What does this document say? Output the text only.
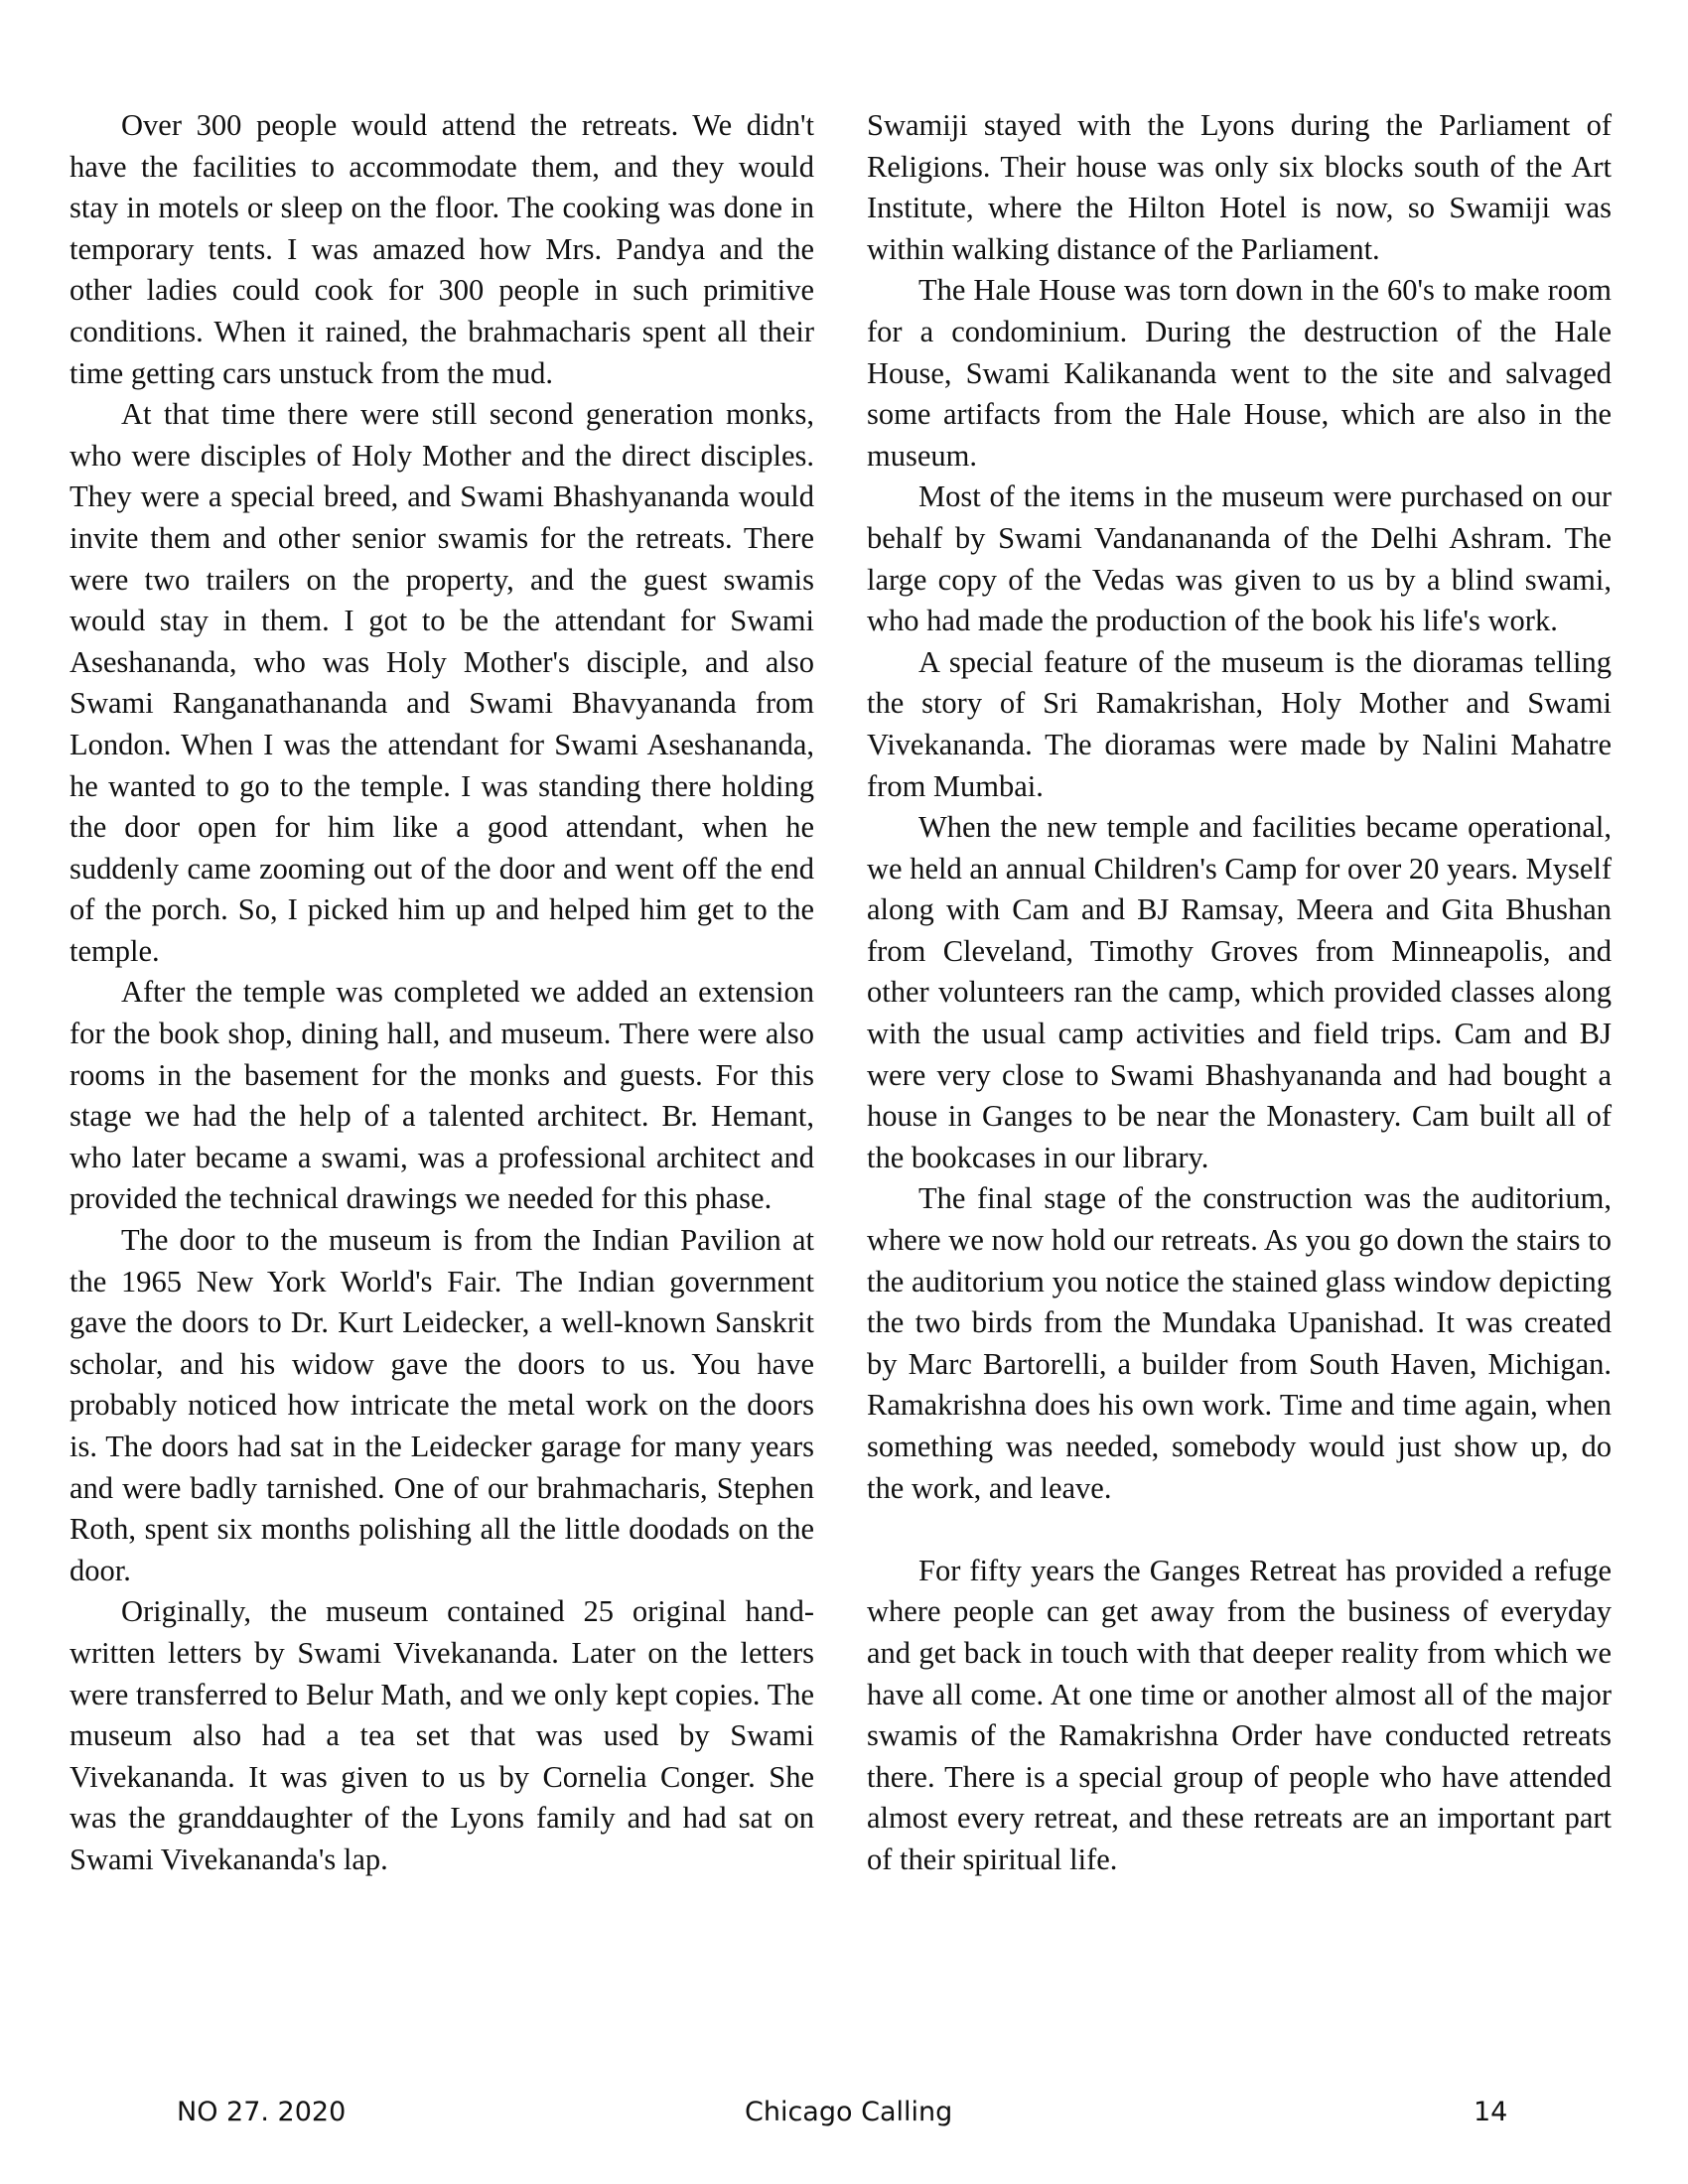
Over 300 people would attend the retreats. We didn't have the facilities to accommodate them, and they would stay in motels or sleep on the floor. The cooking was done in temporary tents. I was amazed how Mrs. Pandya and the other ladies could cook for 300 people in such primitive conditions. When it rained, the brahmacharis spent all their time getting cars unstuck from the mud.

At that time there were still second generation monks, who were disciples of Holy Mother and the direct disciples. They were a special breed, and Swami Bhashyananda would invite them and other senior swamis for the retreats. There were two trailers on the property, and the guest swamis would stay in them. I got to be the attendant for Swami Aseshananda, who was Holy Mother's disciple, and also Swami Ranganathananda and Swami Bhavyananda from London. When I was the attendant for Swami Aseshananda, he wanted to go to the temple. I was standing there holding the door open for him like a good attendant, when he suddenly came zooming out of the door and went off the end of the porch. So, I picked him up and helped him get to the temple.

After the temple was completed we added an extension for the book shop, dining hall, and museum. There were also rooms in the basement for the monks and guests. For this stage we had the help of a talented architect. Br. Hemant, who later became a swami, was a professional architect and provided the technical drawings we needed for this phase.

The door to the museum is from the Indian Pavilion at the 1965 New York World's Fair. The Indian government gave the doors to Dr. Kurt Leidecker, a well-known Sanskrit scholar, and his widow gave the doors to us. You have probably noticed how intricate the metal work on the doors is. The doors had sat in the Leidecker garage for many years and were badly tarnished. One of our brahmacharis, Stephen Roth, spent six months polishing all the little doodads on the door.

Originally, the museum contained 25 original hand-written letters by Swami Vivekananda. Later on the letters were transferred to Belur Math, and we only kept copies. The museum also had a tea set that was used by Swami Vivekananda. It was given to us by Cornelia Conger. She was the granddaughter of the Lyons family and had sat on Swami Vivekananda's lap.

Swamiji stayed with the Lyons during the Parliament of Religions. Their house was only six blocks south of the Art Institute, where the Hilton Hotel is now, so Swamiji was within walking distance of the Parliament.

The Hale House was torn down in the 60's to make room for a condominium. During the destruction of the Hale House, Swami Kalikananda went to the site and salvaged some artifacts from the Hale House, which are also in the museum.

Most of the items in the museum were purchased on our behalf by Swami Vandanananda of the Delhi Ashram. The large copy of the Vedas was given to us by a blind swami, who had made the production of the book his life's work.

A special feature of the museum is the dioramas telling the story of Sri Ramakrishan, Holy Mother and Swami Vivekananda. The dioramas were made by Nalini Mahatre from Mumbai.

When the new temple and facilities became operational, we held an annual Children's Camp for over 20 years. Myself along with Cam and BJ Ramsay, Meera and Gita Bhushan from Cleveland, Timothy Groves from Minneapolis, and other volunteers ran the camp, which provided classes along with the usual camp activities and field trips. Cam and BJ were very close to Swami Bhashyananda and had bought a house in Ganges to be near the Monastery. Cam built all of the bookcases in our library.

The final stage of the construction was the auditorium, where we now hold our retreats. As you go down the stairs to the auditorium you notice the stained glass window depicting the two birds from the Mundaka Upanishad. It was created by Marc Bartorelli, a builder from South Haven, Michigan. Ramakrishna does his own work. Time and time again, when something was needed, somebody would just show up, do the work, and leave.

For fifty years the Ganges Retreat has provided a refuge where people can get away from the business of everyday and get back in touch with that deeper reality from which we have all come. At one time or another almost all of the major swamis of the Ramakrishna Order have conducted retreats there. There is a special group of people who have attended almost every retreat, and these retreats are an important part of their spiritual life.

NO 27. 2020	Chicago Calling	14
